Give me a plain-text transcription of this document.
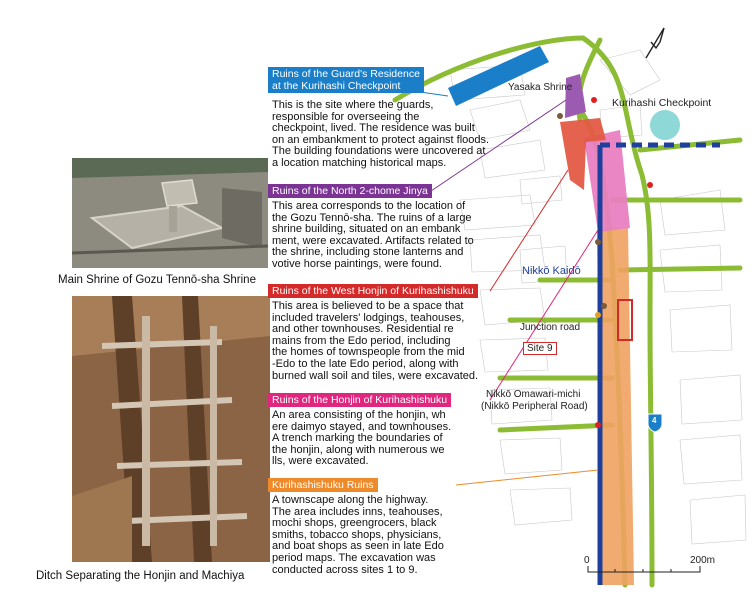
Yasaka Shrine
Kurihashi Checkpoint
Nikkō Kaidō
Junction road
Site 9
Nikkō Omawari-michi
(Nikkō Peripheral Road)
4
0	200m
Main Shrine of Gozu Tennō-sha Shrine
Ditch Separating the Honjin and Machiya
Ruins of the Guard's Residence
at the Kurihashi Checkpoint

This is the site where the guards,
responsible for overseeing the
checkpoint, lived. The residence was built
on an embankment to protect against floods.
The building foundations were uncovered at
a location matching historical maps.

Ruins of the North 2-chome Jinya

This area corresponds to the location of
the Gozu Tennō-sha. The ruins of a large
shrine building, situated on an embank
ment, were excavated. Artifacts related to
the shrine, including stone lanterns and
votive horse paintings, were found.

Ruins of the West Honjin of Kurihashishuku

This area is believed to be a space that
included travelers' lodgings, teahouses,
and other townhouses. Residential re
mains from the Edo period, including
the homes of townspeople from the mid
-Edo to the late Edo period, along with
burned wall soil and tiles, were excavated.

Ruins of the Honjin of Kurihashishuku

An area consisting of the honjin, wh
ere daimyo stayed, and townhouses.
A trench marking the boundaries of
the honjin, along with numerous we
lls, were excavated.

Kurihashishuku Ruins

A townscape along the highway.
The area includes inns, teahouses,
mochi shops, greengrocers, black
smiths, tobacco shops, physicians,
and boat shops as seen in late Edo
period maps. The excavation was
conducted across sites 1 to 9.
